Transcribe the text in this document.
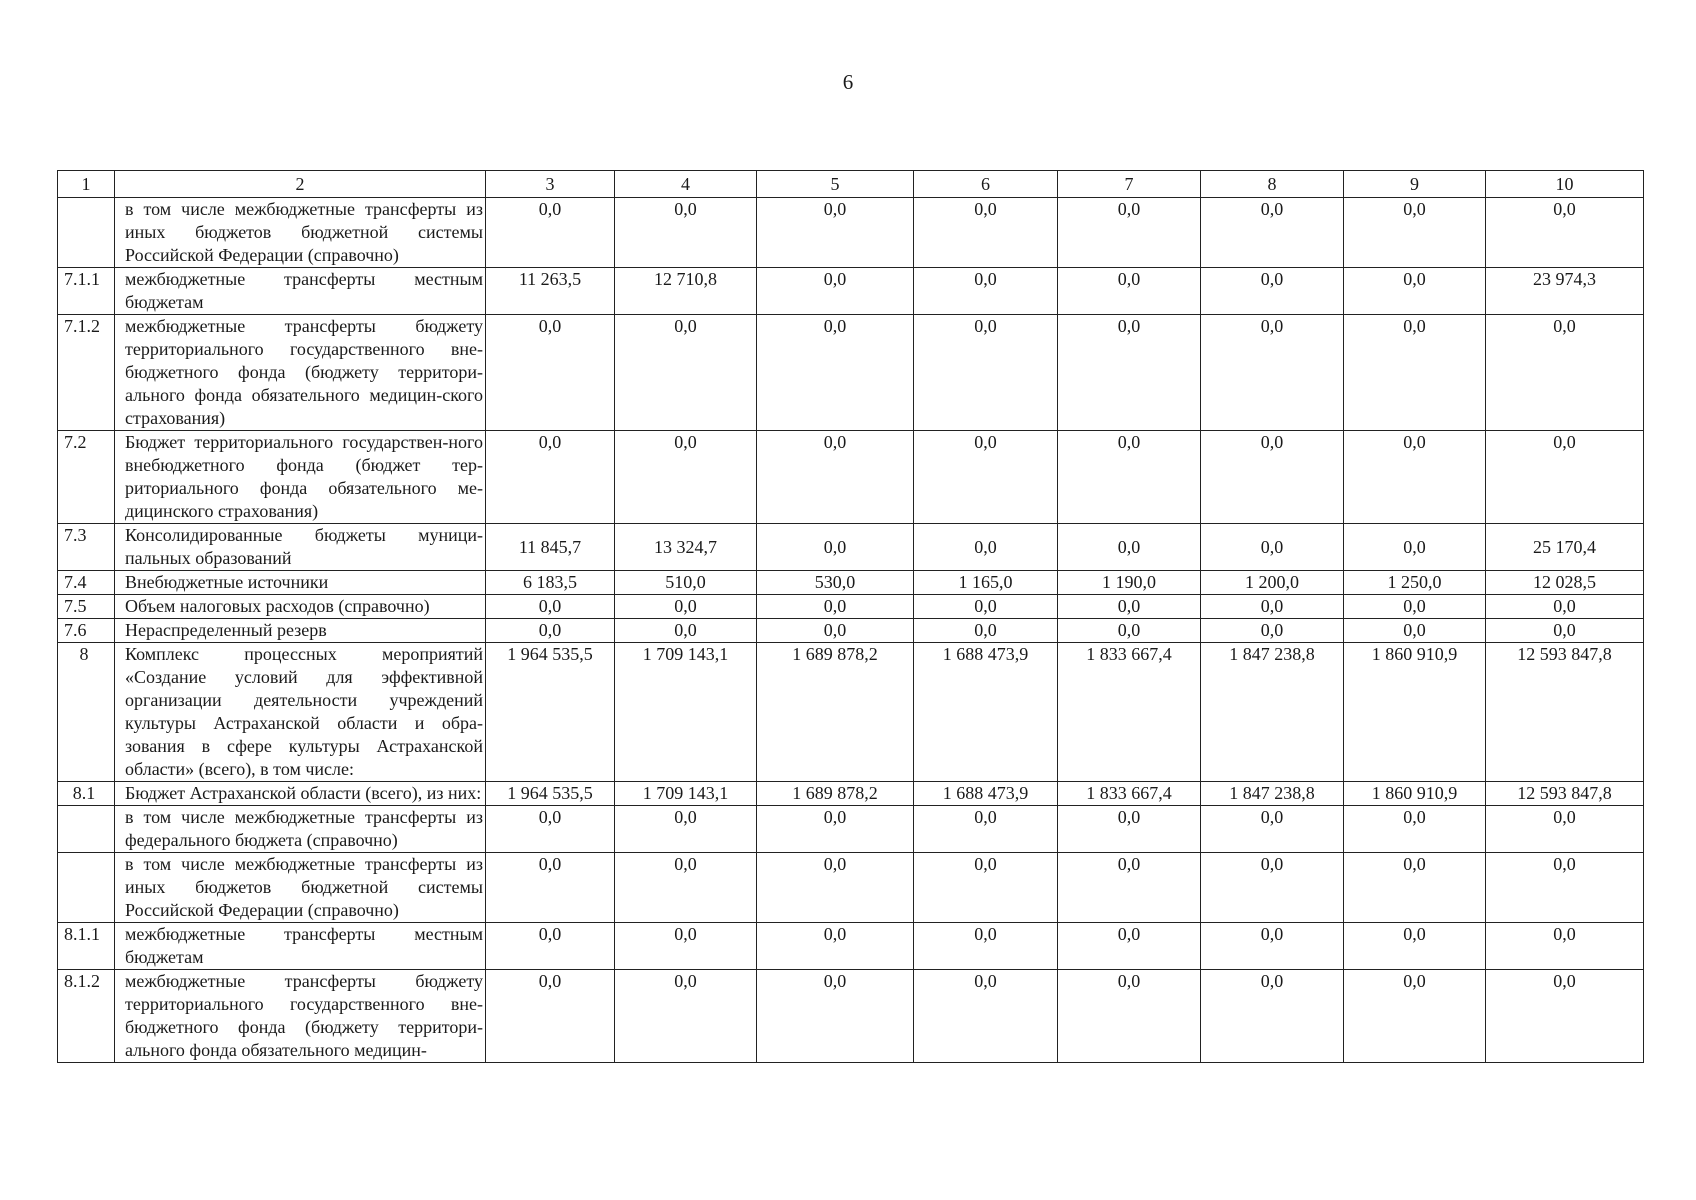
6
1	2	3	4	5	6	7	8	9	10
	в том числе межбюджетные трансферты из иных бюджетов бюджетной системы Российской Федерации (справочно)	0,0	0,0	0,0	0,0	0,0	0,0	0,0	0,0
7.1.1	межбюджетные трансферты местным бюджетам	11 263,5	12 710,8	0,0	0,0	0,0	0,0	0,0	23 974,3
7.1.2	межбюджетные трансферты бюджету территориального государственного вне-бюджетного фонда (бюджету территори-ального фонда обязательного медицин-ского страхования)	0,0	0,0	0,0	0,0	0,0	0,0	0,0	0,0
7.2	Бюджет территориального государствен-ного внебюджетного фонда (бюджет тер-риториального фонда обязательного ме-дицинского страхования)	0,0	0,0	0,0	0,0	0,0	0,0	0,0	0,0
7.3	Консолидированные бюджеты муници-пальных образований	11 845,7	13 324,7	0,0	0,0	0,0	0,0	0,0	25 170,4
7.4	Внебюджетные источники	6 183,5	510,0	530,0	1 165,0	1 190,0	1 200,0	1 250,0	12 028,5
7.5	Объем налоговых расходов (справочно)	0,0	0,0	0,0	0,0	0,0	0,0	0,0	0,0
7.6	Нераспределенный резерв	0,0	0,0	0,0	0,0	0,0	0,0	0,0	0,0
8	Комплекс процессных мероприятий «Создание условий для эффективной организации деятельности учреждений культуры Астраханской области и обра-зования в сфере культуры Астраханской области» (всего), в том числе:	1 964 535,5	1 709 143,1	1 689 878,2	1 688 473,9	1 833 667,4	1 847 238,8	1 860 910,9	12 593 847,8
8.1	Бюджет Астраханской области (всего), из них:	1 964 535,5	1 709 143,1	1 689 878,2	1 688 473,9	1 833 667,4	1 847 238,8	1 860 910,9	12 593 847,8
	в том числе межбюджетные трансферты из федерального бюджета (справочно)	0,0	0,0	0,0	0,0	0,0	0,0	0,0	0,0
	в том числе межбюджетные трансферты из иных бюджетов бюджетной системы Российской Федерации (справочно)	0,0	0,0	0,0	0,0	0,0	0,0	0,0	0,0
8.1.1	межбюджетные трансферты местным бюджетам	0,0	0,0	0,0	0,0	0,0	0,0	0,0	0,0
8.1.2	межбюджетные трансферты бюджету территориального государственного вне-бюджетного фонда (бюджету территори-ального фонда обязательного медицин-	0,0	0,0	0,0	0,0	0,0	0,0	0,0	0,0
